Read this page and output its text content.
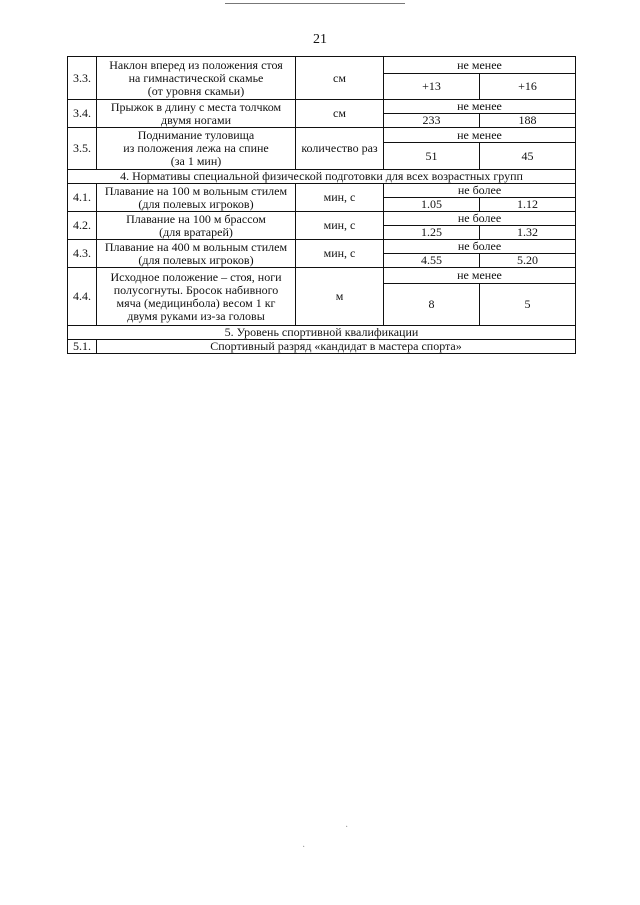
21
3.3.	Наклон вперед из положения стоя
на гимнастической скамье
(от уровня скамьи)	см	не менее	
			+13	+16
3.4.	Прыжок в длину с места толчком
двумя ногами	см	не менее	
			233	188
3.5.	Поднимание туловища
из положения лежа на спине
(за 1 мин)	количество раз	не менее	
			51	45
4. Нормативы специальной физической подготовки для всех возрастных групп				
4.1.	Плавание на 100 м вольным стилем
(для полевых игроков)	мин, с	не более	
			1.05	1.12
4.2.	Плавание на 100 м брассом
(для вратарей)	мин, с	не более	
			1.25	1.32
4.3.	Плавание на 400 м вольным стилем
(для полевых игроков)	мин, с	не более	
			4.55	5.20
4.4.	Исходное положение – стоя, ноги
полусогнуты. Бросок набивного
мяча (медицинбола) весом 1 кг
двумя руками из-за головы	м	не менее	
			8	5
5. Уровень спортивной квалификации				
5.1.	Спортивный разряд «кандидат в мастера спорта»			
·
·
